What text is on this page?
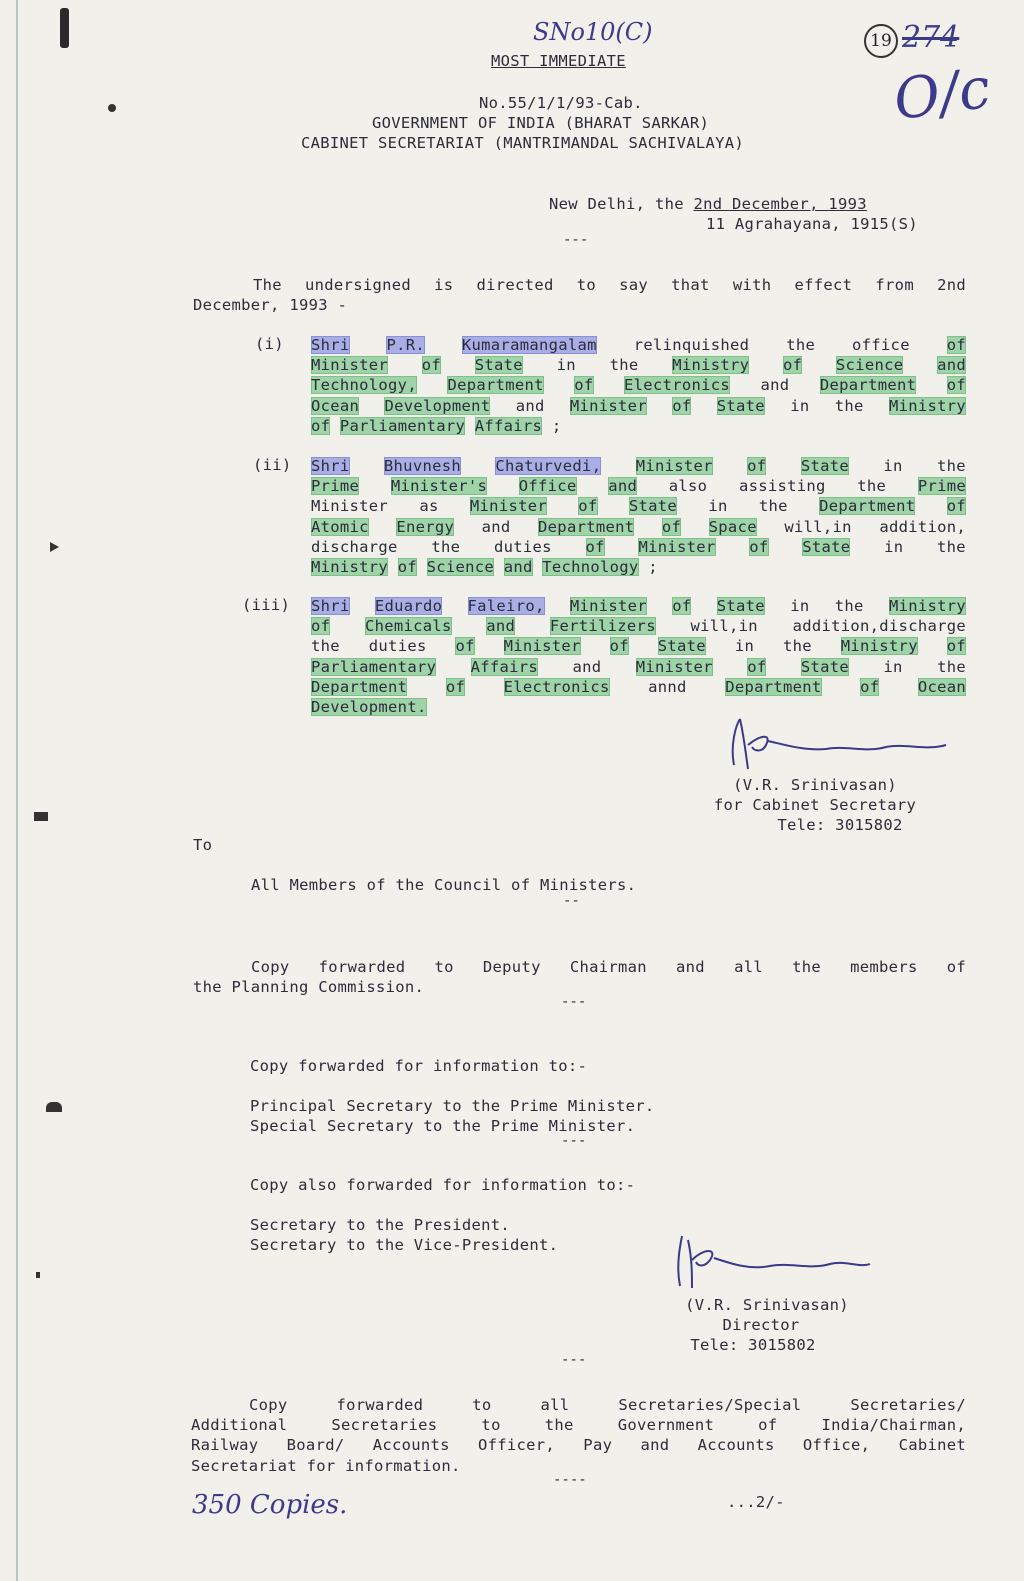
SNo10(C)	19 274
O/c
MOST IMMEDIATE
No.55/1/1/93-Cab.
GOVERNMENT OF INDIA (BHARAT SARKAR)
CABINET SECRETARIAT (MANTRIMANDAL SACHIVALAYA)
New Delhi, the 2nd December, 1993
11 Agrahayana, 1915(S)
---
The undersigned is directed to say that with effect from 2nd
December, 1993 -
(i) Shri P.R. Kumaramangalam relinquished the office of
Minister of State in the Ministry of Science and
Technology, Department of Electronics and Department of
Ocean Development and Minister of State in the Ministry
of Parliamentary Affairs ;
(ii) Shri Bhuvnesh Chaturvedi, Minister of State in the
Prime Minister's Office and also assisting the Prime
Minister as Minister of State in the Department of
Atomic Energy and Department of Space will,in addition,
discharge the duties of Minister of State in the
Ministry of Science and Technology ;
(iii) Shri Eduardo Faleiro, Minister of State in the Ministry
of Chemicals and Fertilizers will,in addition,discharge
the duties of Minister of State in the Ministry of
Parliamentary Affairs and Minister of State in the
Department of Electronics annd Department of Ocean
Development.
(V.R. Srinivasan)
for Cabinet Secretary
Tele: 3015802
To
All Members of the Council of Ministers.
--
Copy forwarded to Deputy Chairman and all the members of
the Planning Commission.
---
Copy forwarded for information to:-
Principal Secretary to the Prime Minister.
Special Secretary to the Prime Minister.
---
Copy also forwarded for information to:-
Secretary to the President.
Secretary to the Vice-President.
(V.R. Srinivasan)
Director
Tele: 3015802
---
Copy forwarded to all Secretaries/Special Secretaries/
Additional Secretaries to the Government of India/Chairman,
Railway Board/ Accounts Officer, Pay and Accounts Office, Cabinet
Secretariat for information.
----
350 Copies.	...2/-
